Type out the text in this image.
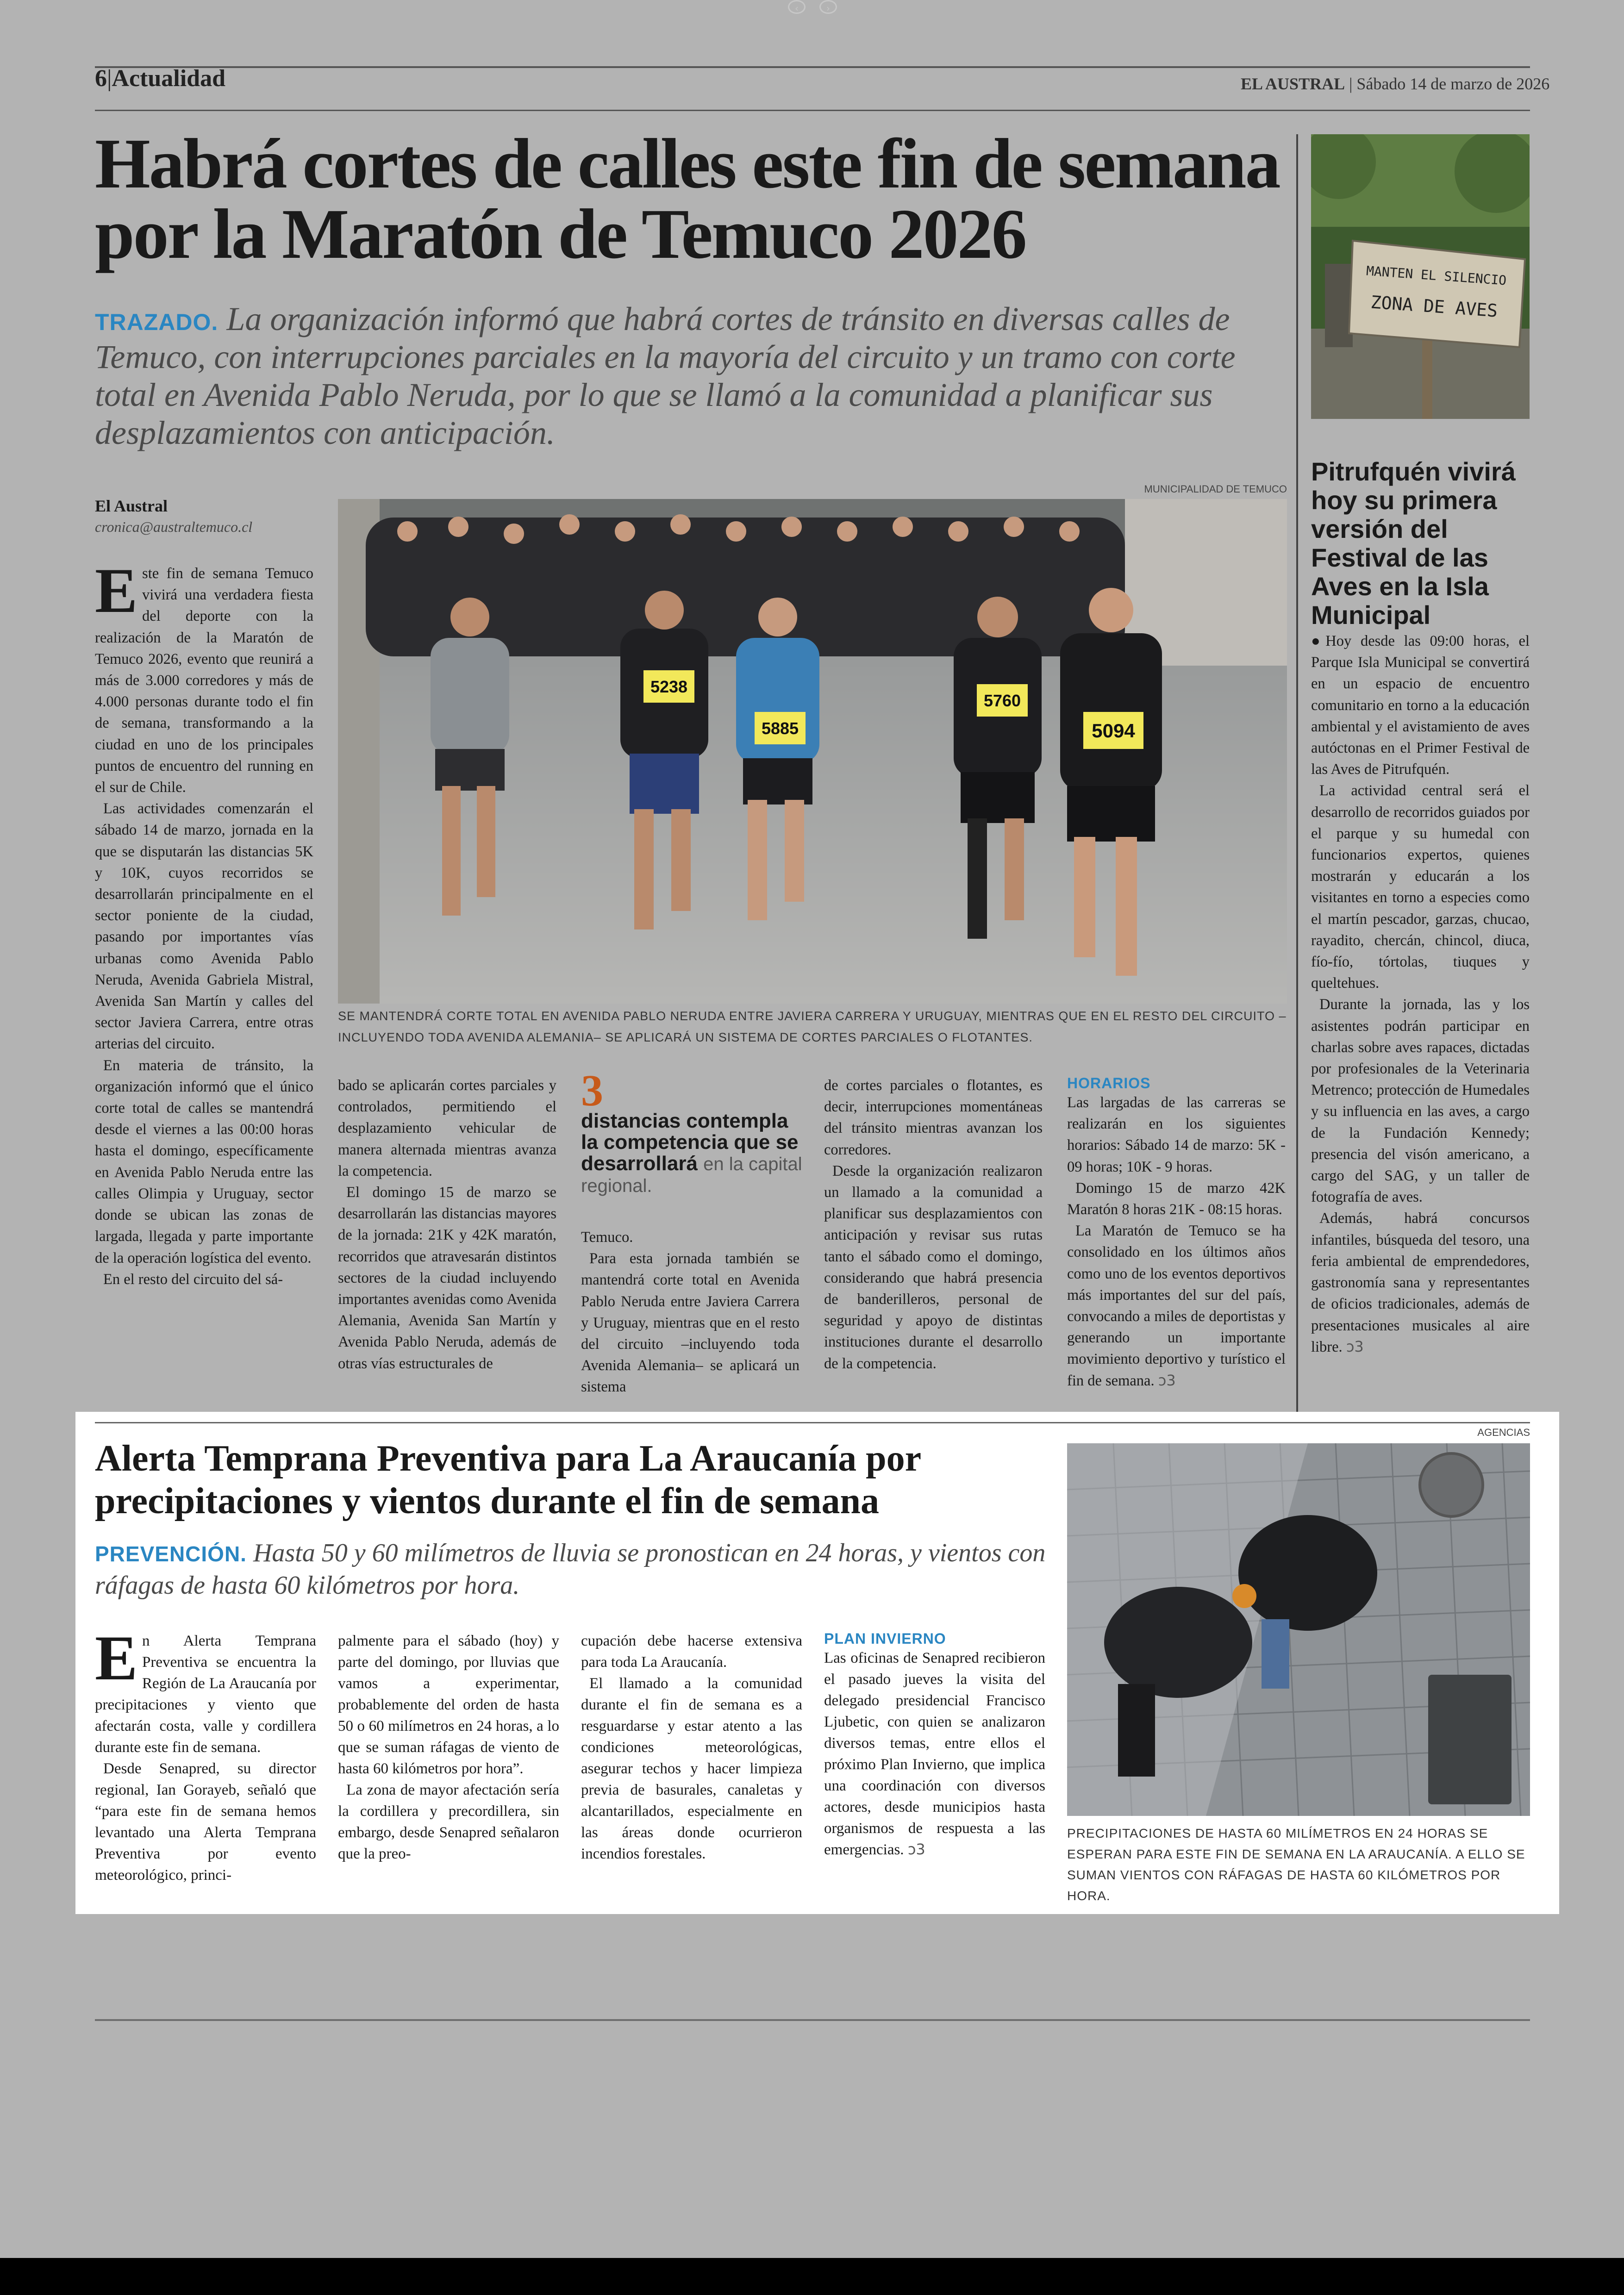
‹	›
6|Actualidad	EL AUSTRAL | Sábado 14 de marzo de 2026
Habrá cortes de calles este fin de semana por la Maratón de Temuco 2026
TRAZADO. La organización informó que habrá cortes de tránsito en diversas calles de Temuco, con interrupciones parciales en la mayoría del circuito y un tramo con corte total en Avenida Pablo Neruda, por lo que se llamó a la comunidad a planificar sus desplazamientos con anticipación.
El Austral
cronica@australtemuco.cl
MUNICIPALIDAD DE TEMUCO
5238
5885
5760
5094
SE MANTENDRÁ CORTE TOTAL EN AVENIDA PABLO NERUDA ENTRE JAVIERA CARRERA Y URUGUAY, MIENTRAS QUE EN EL RESTO DEL CIRCUITO –INCLUYENDO TODA AVENIDA ALEMANIA– SE APLICARÁ UN SISTEMA DE CORTES PARCIALES O FLOTANTES.
E ste fin de semana Temuco vivirá una verdadera fiesta del deporte con la realización de la Maratón de Temuco 2026, evento que reunirá a más de 3.000 corredores y más de 4.000 personas durante todo el fin de semana, transformando a la ciudad en uno de los principales puntos de encuentro del running en el sur de Chile.

Las actividades comenzarán el sábado 14 de marzo, jornada en la que se disputarán las distancias 5K y 10K, cuyos recorridos se desarrollarán principalmente en el sector poniente de la ciudad, pasando por importantes vías urbanas como Avenida Pablo Neruda, Avenida Gabriela Mistral, Avenida San Martín y calles del sector Javiera Carrera, entre otras arterias del circuito.

En materia de tránsito, la organización informó que el único corte total de calles se mantendrá desde el viernes a las 00:00 horas hasta el domingo, específicamente en Avenida Pablo Neruda entre las calles Olimpia y Uruguay, sector donde se ubican las zonas de largada, llegada y parte importante de la operación logística del evento.

En el resto del circuito del sá-

bado se aplicarán cortes parciales y controlados, permitiendo el desplazamiento vehicular de manera alternada mientras avanza la competencia.

El domingo 15 de marzo se desarrollarán las distancias mayores de la jornada: 21K y 42K maratón, recorridos que atravesarán distintos sectores de la ciudad incluyendo importantes avenidas como Avenida Alemania, Avenida San Martín y Avenida Pablo Neruda, además de otras vías estructurales de

3
distancias contempla la competencia que se desarrollará en la capital regional.

Temuco.

Para esta jornada también se mantendrá corte total en Avenida Pablo Neruda entre Javiera Carrera y Uruguay, mientras que en el resto del circuito –incluyendo toda Avenida Alemania– se aplicará un sistema

de cortes parciales o flotantes, es decir, interrupciones momentáneas del tránsito mientras avanzan los corredores.

Desde la organización realizaron un llamado a la comunidad a planificar sus desplazamientos con anticipación y revisar sus rutas tanto el sábado como el domingo, considerando que habrá presencia de banderilleros, personal de seguridad y apoyo de distintas instituciones durante el desarrollo de la competencia.

HORARIOS

Las largadas de las carreras se realizarán en los siguientes horarios: Sábado 14 de marzo: 5K - 09 horas; 10K - 9 horas.

Domingo 15 de marzo 42K Maratón 8 horas 21K - 08:15 horas.

La Maratón de Temuco se ha consolidado en los últimos años como uno de los eventos deportivos más importantes del sur del país, convocando a miles de deportistas y generando un importante movimiento deportivo y turístico el fin de semana. ↄ3

MANTEN EL SILENCIO
ZONA DE AVES
Pitrufquén vivirá hoy su primera versión del Festival de las Aves en la Isla Municipal

●Hoy desde las 09:00 horas, el Parque Isla Municipal se convertirá en un espacio de encuentro comunitario en torno a la educación ambiental y el avistamiento de aves autóctonas en el Primer Festival de las Aves de Pitrufquén.

La actividad central será el desarrollo de recorridos guiados por el parque y su humedal con funcionarios expertos, quienes mostrarán y educarán a los visitantes en torno a especies como el martín pescador, garzas, chucao, rayadito, chercán, chincol, diuca, fío-fío, tórtolas, tiuques y queltehues.

Durante la jornada, las y los asistentes podrán participar en charlas sobre aves rapaces, dictadas por profesionales de la Veterinaria Metrenco; protección de Humedales y su influencia en las aves, a cargo de la Fundación Kennedy; presencia del visón americano, a cargo del SAG, y un taller de fotografía de aves.

Además, habrá concursos infantiles, búsqueda del tesoro, una feria ambiental de emprendedores, gastronomía sana y representantes de oficios tradicionales, además de presentaciones musicales al aire libre. ↄ3

AGENCIAS
Alerta Temprana Preventiva para La Araucanía por precipitaciones y vientos durante el fin de semana
PREVENCIÓN. Hasta 50 y 60 milímetros de lluvia se pronostican en 24 horas, y vientos con ráfagas de hasta 60 kilómetros por hora.
E n Alerta Temprana Preventiva se encuentra la Región de La Araucanía por precipitaciones y viento que afectarán costa, valle y cordillera durante este fin de semana.

Desde Senapred, su director regional, Ian Gorayeb, señaló que “para este fin de semana hemos levantado una Alerta Temprana Preventiva por evento meteorológico, princi-

palmente para el sábado (hoy) y parte del domingo, por lluvias que vamos a experimentar, probablemente del orden de hasta 50 o 60 milímetros en 24 horas, a lo que se suman ráfagas de viento de hasta 60 kilómetros por hora”.

La zona de mayor afectación sería la cordillera y precordillera, sin embargo, desde Senapred señalaron que la preo-

cupación debe hacerse extensiva para toda La Araucanía.

El llamado a la comunidad durante el fin de semana es a resguardarse y estar atento a las condiciones meteorológicas, asegurar techos y hacer limpieza previa de basurales, canaletas y alcantarillados, especialmente en las áreas donde ocurrieron incendios forestales.

PLAN INVIERNO

Las oficinas de Senapred recibieron el pasado jueves la visita del delegado presidencial Francisco Ljubetic, con quien se analizaron diversos temas, entre ellos el próximo Plan Invierno, que implica una coordinación con diversos actores, desde municipios hasta organismos de respuesta a las emergencias. ↄ3

PRECIPITACIONES DE HASTA 60 MILÍMETROS EN 24 HORAS SE ESPERAN PARA ESTE FIN DE SEMANA EN LA ARAUCANÍA. A ELLO SE SUMAN VIENTOS CON RÁFAGAS DE HASTA 60 KILÓMETROS POR HORA.
